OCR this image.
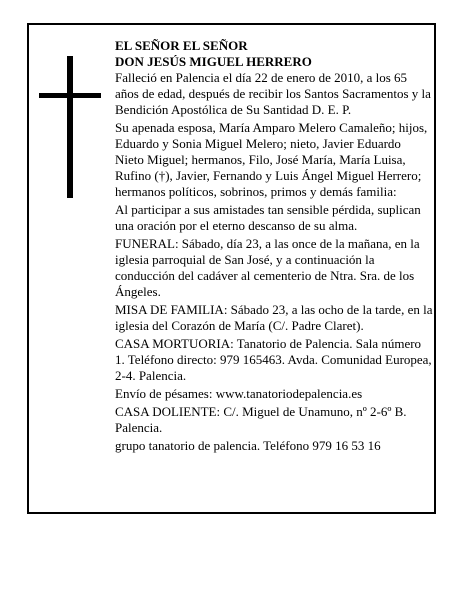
EL SEÑOR EL SEÑOR
DON JESÚS MIGUEL HERRERO

Falleció en Palencia el día 22 de enero de 2010, a los 65 años de edad, después de recibir los Santos Sacramentos y la Bendición Apostólica de Su Santidad D. E. P.

Su apenada esposa, María Amparo Melero Camaleño; hijos, Eduardo y Sonia Miguel Melero; nieto, Javier Eduardo Nieto Miguel; hermanos, Filo, José María, María Luisa, Rufino (†), Javier, Fernando y Luis Ángel Miguel Herrero; hermanos políticos, sobrinos, primos y demás familia:

Al participar a sus amistades tan sensible pérdida, suplican una oración por el eterno descanso de su alma.

FUNERAL: Sábado, día 23, a las once de la mañana, en la iglesia parroquial de San José, y a continuación la conducción del cadáver al cementerio de Ntra. Sra. de los Ángeles.

MISA DE FAMILIA: Sábado 23, a las ocho de la tarde, en la iglesia del Corazón de María (C/. Padre Claret).

CASA MORTUORIA: Tanatorio de Palencia. Sala número 1. Teléfono directo: 979 165463. Avda. Comunidad Europea, 2-4. Palencia.

Envío de pésames: www.tanatoriodepalencia.es

CASA DOLIENTE: C/. Miguel de Unamuno, nº 2-6º B. Palencia.

grupo tanatorio de palencia. Teléfono 979 16 53 16
